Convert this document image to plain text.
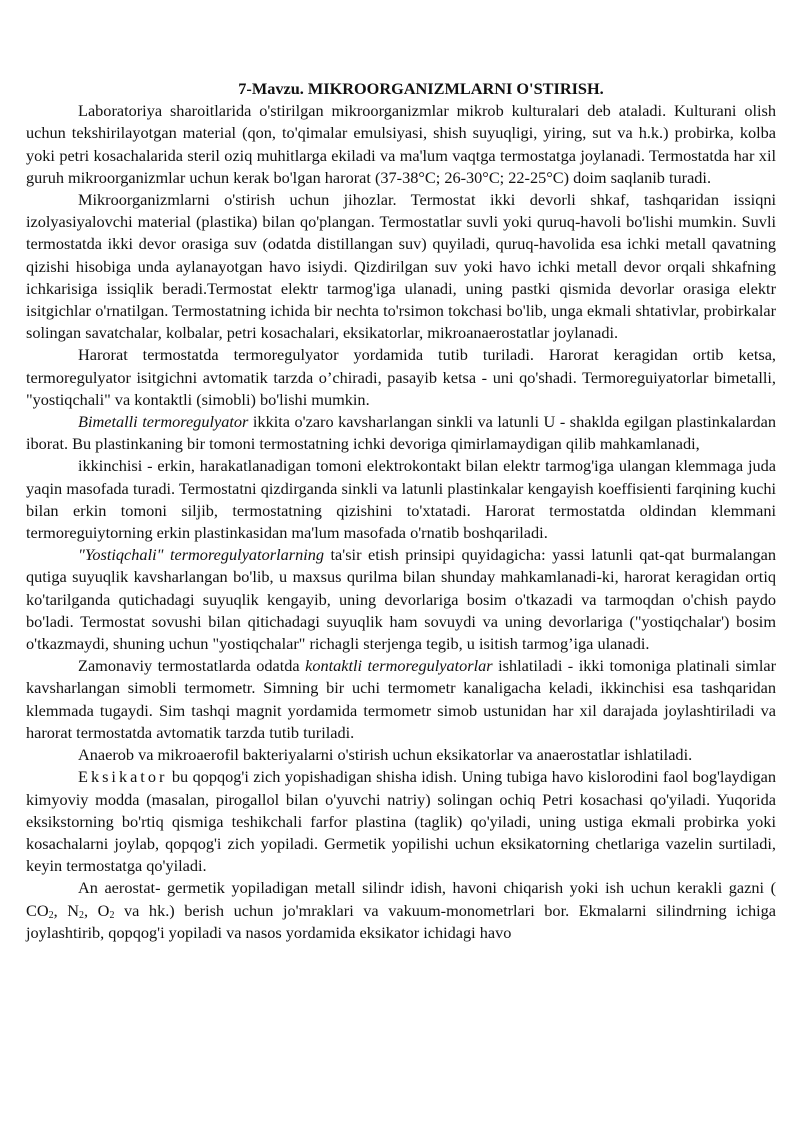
7-Mavzu. MIKROORGANIZMLARNI O'STIRISH.

Laboratoriya sharoitlarida o'stirilgan mikroorganizmlar mikrob kulturalari deb ataladi. Kulturani olish uchun tekshirilayotgan material (qon, to'qimalar emulsiyasi, shish suyuqligi, yiring, sut va h.k.) probirka, kolba yoki petri kosachalarida steril oziq muhitlarga ekiladi va ma'lum vaqtga termostatga joylanadi. Termostatda har xil guruh mikroorganizmlar uchun kerak bo'lgan harorat (37-38°C; 26-30°C; 22-25°C) doim saqlanib turadi.

Mikroorganizmlarni o'stirish uchun jihozlar. Termostat ikki devorli shkaf, tashqaridan issiqni izolyasiyalovchi material (plastika) bilan qo'plangan. Termostatlar suvli yoki quruq-havoli bo'lishi mumkin. Suvli termostatda ikki devor orasiga suv (odatda distillangan suv) quyiladi, quruq-havolida esa ichki metall qavatning qizishi hisobiga unda aylanayotgan havo isiydi. Qizdirilgan suv yoki havo ichki metall devor orqali shkafning ichkarisiga issiqlik beradi.Termostat elektr tarmog'iga ulanadi, uning pastki qismida devorlar orasiga elektr isitgichlar o'rnatilgan. Termostatning ichida bir nechta to'rsimon tokchasi bo'lib, unga ekmali shtativlar, probirkalar solingan savatchalar, kolbalar, petri kosachalari, eksikatorlar, mikroanaerostatlar joylanadi.

Harorat termostatda termoregulyator yordamida tutib turiladi. Harorat keragidan ortib ketsa, termoregulyator isitgichni avtomatik tarzda o’chiradi, pasayib ketsa - uni qo'shadi. Termoreguiyatorlar bimetalli, "yostiqchali" va kontaktli (simobli) bo'lishi mumkin.

Bimetalli termoregulyator ikkita o'zaro kavsharlangan sinkli va latunli U - shaklda egilgan plastinkalardan iborat. Bu plastinkaning bir tomoni termostatning ichki devoriga qimirlamaydigan qilib mahkamlanadi,

ikkinchisi - erkin, harakatlanadigan tomoni elektrokontakt bilan elektr tarmog'iga ulangan klemmaga juda yaqin masofada turadi. Termostatni qizdirganda sinkli va latunli plastinkalar kengayish koeffisienti farqining kuchi bilan erkin tomoni siljib, termostatning qizishini to'xtatadi. Harorat termostatda oldindan klemmani termoreguiytorning erkin plastinkasidan ma'lum masofada o'rnatib boshqariladi.

"Yostiqchali" termoregulyatorlarning ta'sir etish prinsipi quyidagicha: yassi latunli qat-qat burmalangan qutiga suyuqlik kavsharlangan bo'lib, u maxsus qurilma bilan shunday mahkamlanadi-ki, harorat keragidan ortiq ko'tarilganda qutichadagi suyuqlik kengayib, uning devorlariga bosim o'tkazadi va tarmoqdan o'chish paydo bo'ladi. Termostat sovushi bilan qitichadagi suyuqlik ham sovuydi va uning devorlariga ("yostiqchalar') bosim o'tkazmaydi, shuning uchun "yostiqchalar" richagli sterjenga tegib, u isitish tarmog’iga ulanadi.

Zamonaviy termostatlarda odatda kontaktli termoregulyatorlar ishlatiladi - ikki tomoniga platinali simlar kavsharlangan simobli termometr. Simning bir uchi termometr kanaligacha keladi, ikkinchisi esa tashqaridan klemmada tugaydi. Sim tashqi magnit yordamida termometr simob ustunidan har xil darajada joylashtiriladi va harorat termostatda avtomatik tarzda tutib turiladi.

Anaerob va mikroaerofil bakteriyalarni o'stirish uchun eksikatorlar va anaerostatlar ishlatiladi.

Eksikator bu qopqog'i zich yopishadigan shisha idish. Uning tubiga havo kislorodini faol bog'laydigan kimyoviy modda (masalan, pirogallol bilan o'yuvchi natriy) solingan ochiq Petri kosachasi qo'yiladi. Yuqorida eksikstorning bo'rtiq qismiga teshikchali farfor plastina (taglik) qo'yiladi, uning ustiga ekmali probirka yoki kosachalarni joylab, qopqog'i zich yopiladi. Germetik yopilishi uchun eksikatorning chetlariga vazelin surtiladi, keyin termostatga qo'yiladi.

An aerostat- germetik yopiladigan metall silindr idish, havoni chiqarish yoki ish uchun kerakli gazni ( $CO_2$, $N_2$, $O_2$ va hk.) berish uchun jo'mraklari va vakuum-monometrlari bor. Ekmalarni silindrning ichiga joylashtirib, qopqog'i yopiladi va nasos yordamida eksikator ichidagi havo
